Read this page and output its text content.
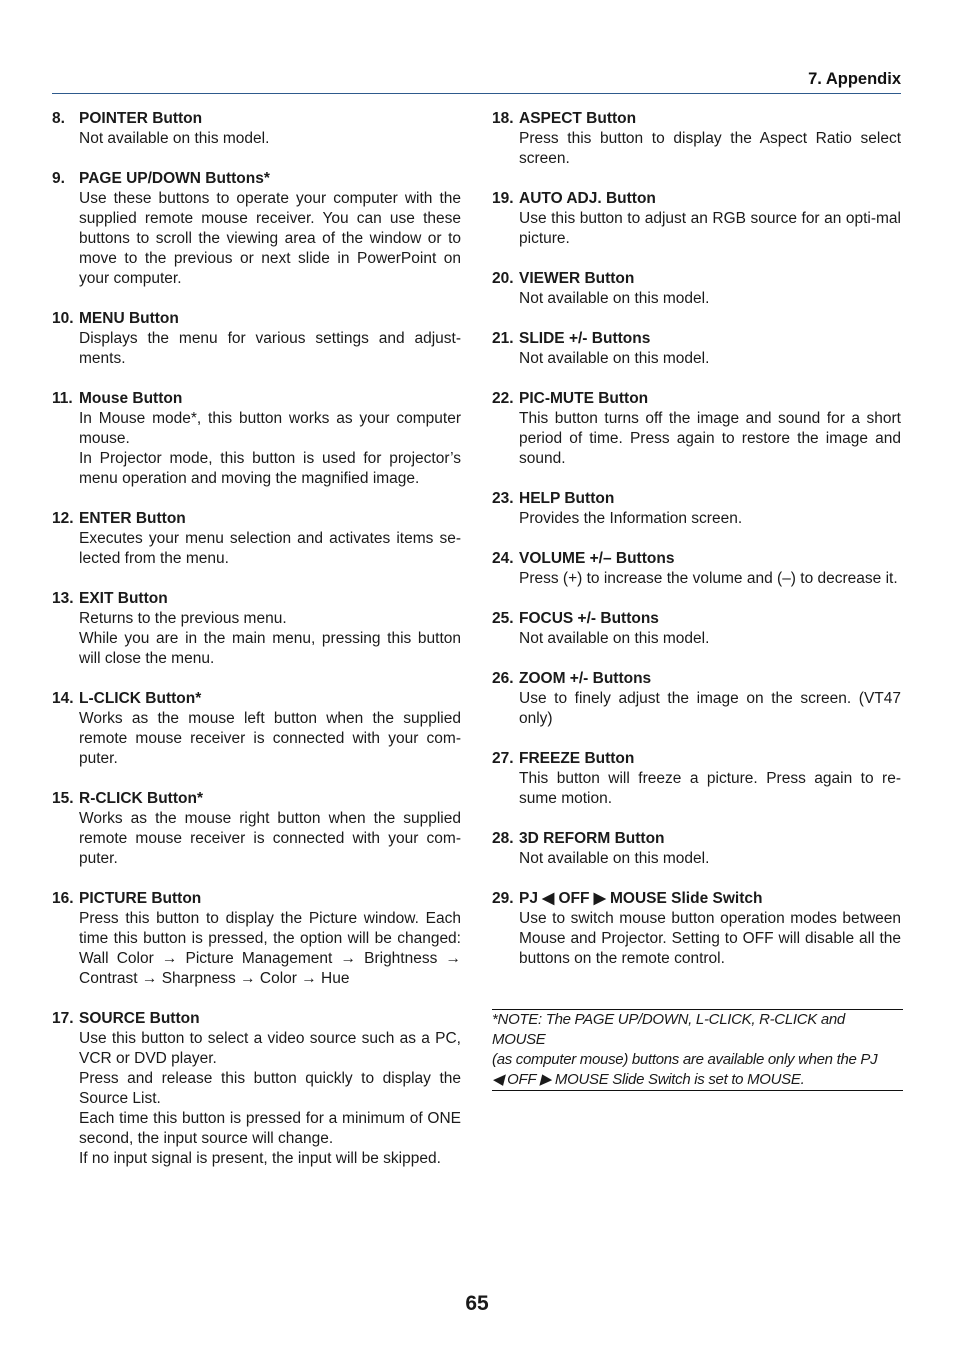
7. Appendix
8. POINTER Button

Not available on this model.

9. PAGE UP/DOWN Buttons*

Use these buttons to operate your computer with the supplied remote mouse receiver. You can use these buttons to scroll the viewing area of the window or to move to the previous or next slide in PowerPoint on your computer.

10. MENU Button

Displays the menu for various settings and adjust-ments.

11. Mouse Button

In Mouse mode*, this button works as your computer mouse.

In Projector mode, this button is used for projector’s menu operation and moving the magnified image.

12. ENTER Button

Executes your menu selection and activates items se-lected from the menu.

13. EXIT Button

Returns to the previous menu.

While you are in the main menu, pressing this button will close the menu.

14. L-CLICK Button*

Works as the mouse left button when the supplied remote mouse receiver is connected with your com-puter.

15. R-CLICK Button*

Works as the mouse right button when the supplied remote mouse receiver is connected with your com-puter.

16. PICTURE Button

Press this button to display the Picture window. Each time this button is pressed, the option will be changed: Wall Color → Picture Management → Brightness → Contrast → Sharpness → Color → Hue

17. SOURCE Button

Use this button to select a video source such as a PC, VCR or DVD player.

Press and release this button quickly to display the Source List.

Each time this button is pressed for a minimum of ONE second, the input source will change.

If no input signal is present, the input will be skipped.

18. ASPECT Button

Press this button to display the Aspect Ratio select screen.

19. AUTO ADJ. Button

Use this button to adjust an RGB source for an opti-mal picture.

20. VIEWER Button

Not available on this model.

21. SLIDE +/- Buttons

Not available on this model.

22. PIC-MUTE Button

This button turns off the image and sound for a short period of time. Press again to restore the image and sound.

23. HELP Button

Provides the Information screen.

24. VOLUME +/– Buttons

Press (+) to increase the volume and (–) to decrease it.

25. FOCUS +/- Buttons

Not available on this model.

26. ZOOM +/- Buttons

Use to finely adjust the image on the screen. (VT47 only)

27. FREEZE Button

This button will freeze a picture. Press again to re-sume motion.

28. 3D REFORM Button

Not available on this model.

29. PJ ◀ OFF ▶ MOUSE Slide Switch

Use to switch mouse button operation modes between Mouse and Projector. Setting to OFF will disable all the buttons on the remote control.

*NOTE: The PAGE UP/DOWN, L-CLICK, R-CLICK and MOUSE
(as computer mouse) buttons are available only when the PJ
◀ OFF ▶ MOUSE Slide Switch is set to MOUSE.
65
